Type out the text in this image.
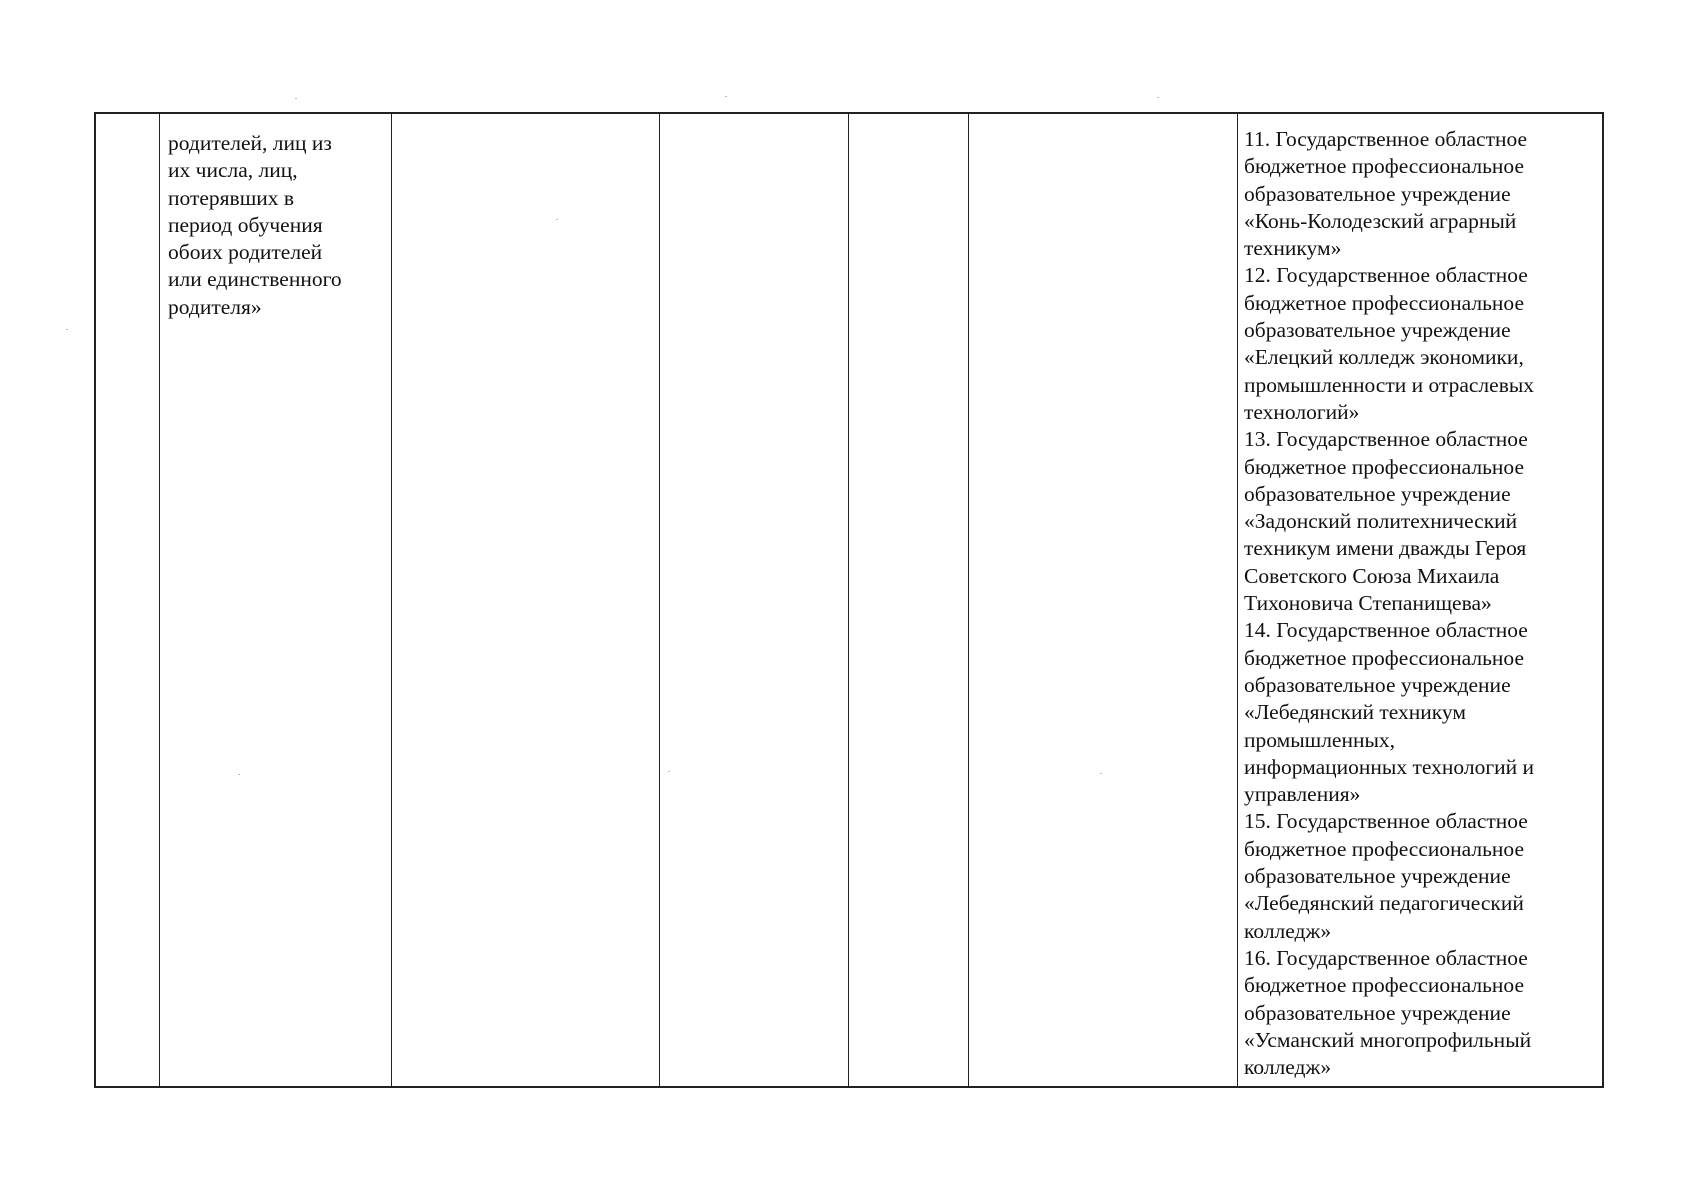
родителей, лиц из
их числа, лиц,
потерявших в
период обучения
обоих родителей
или единственного
родителя»
11. Государственное областное
бюджетное профессиональное
образовательное учреждение
«Конь-Колодезский аграрный
техникум»
12. Государственное областное
бюджетное профессиональное
образовательное учреждение
«Елецкий колледж экономики,
промышленности и отраслевых
технологий»
13. Государственное областное
бюджетное профессиональное
образовательное учреждение
«Задонский политехнический
техникум имени дважды Героя
Советского Союза Михаила
Тихоновича Степанищева»
14. Государственное областное
бюджетное профессиональное
образовательное учреждение
«Лебедянский техникум
промышленных,
информационных технологий и
управления»
15. Государственное областное
бюджетное профессиональное
образовательное учреждение
«Лебедянский педагогический
колледж»
16. Государственное областное
бюджетное профессиональное
образовательное учреждение
«Усманский многопрофильный
колледж»
